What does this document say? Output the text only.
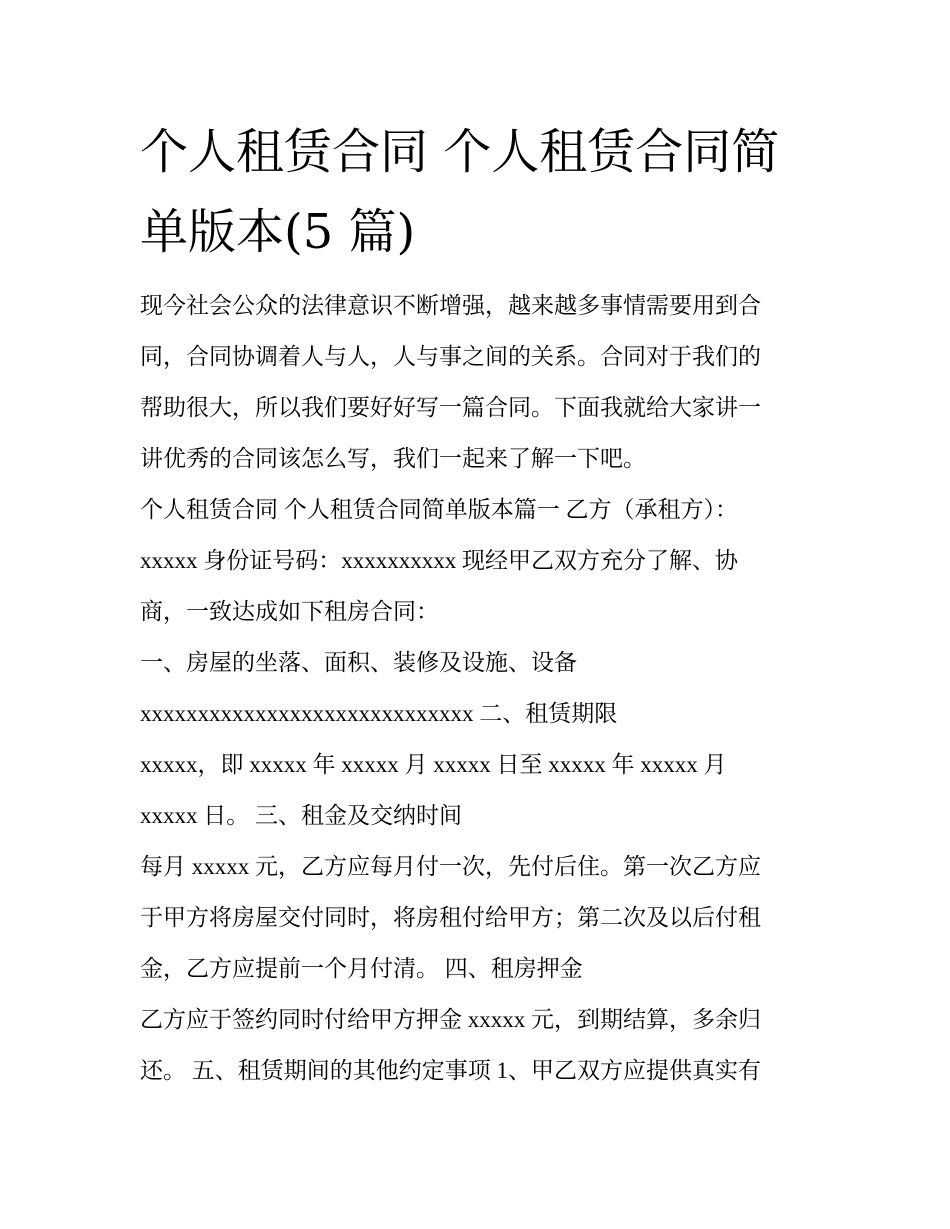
个人租赁合同 个人租赁合同简
单版本(5 篇)
现今社会公众的法律意识不断增强，越来越多事情需要用到合
同，合同协调着人与人，人与事之间的关系。合同对于我们的
帮助很大，所以我们要好好写一篇合同。下面我就给大家讲一
讲优秀的合同该怎么写，我们一起来了解一下吧。
个人租赁合同 个人租赁合同简单版本篇一 乙方（承租方）：
xxxxx 身份证号码：xxxxxxxxxx 现经甲乙双方充分了解、协
商，一致达成如下租房合同：
一、房屋的坐落、面积、装修及设施、设备
xxxxxxxxxxxxxxxxxxxxxxxxxxxxx 二、租赁期限
xxxxx，即 xxxxx 年 xxxxx 月 xxxxx 日至 xxxxx 年 xxxxx 月
xxxxx 日。 三、租金及交纳时间
每月 xxxxx 元，乙方应每月付一次，先付后住。第一次乙方应
于甲方将房屋交付同时，将房租付给甲方；第二次及以后付租
金，乙方应提前一个月付清。 四、租房押金
乙方应于签约同时付给甲方押金 xxxxx 元，到期结算，多余归
还。 五、租赁期间的其他约定事项 1、甲乙双方应提供真实有
